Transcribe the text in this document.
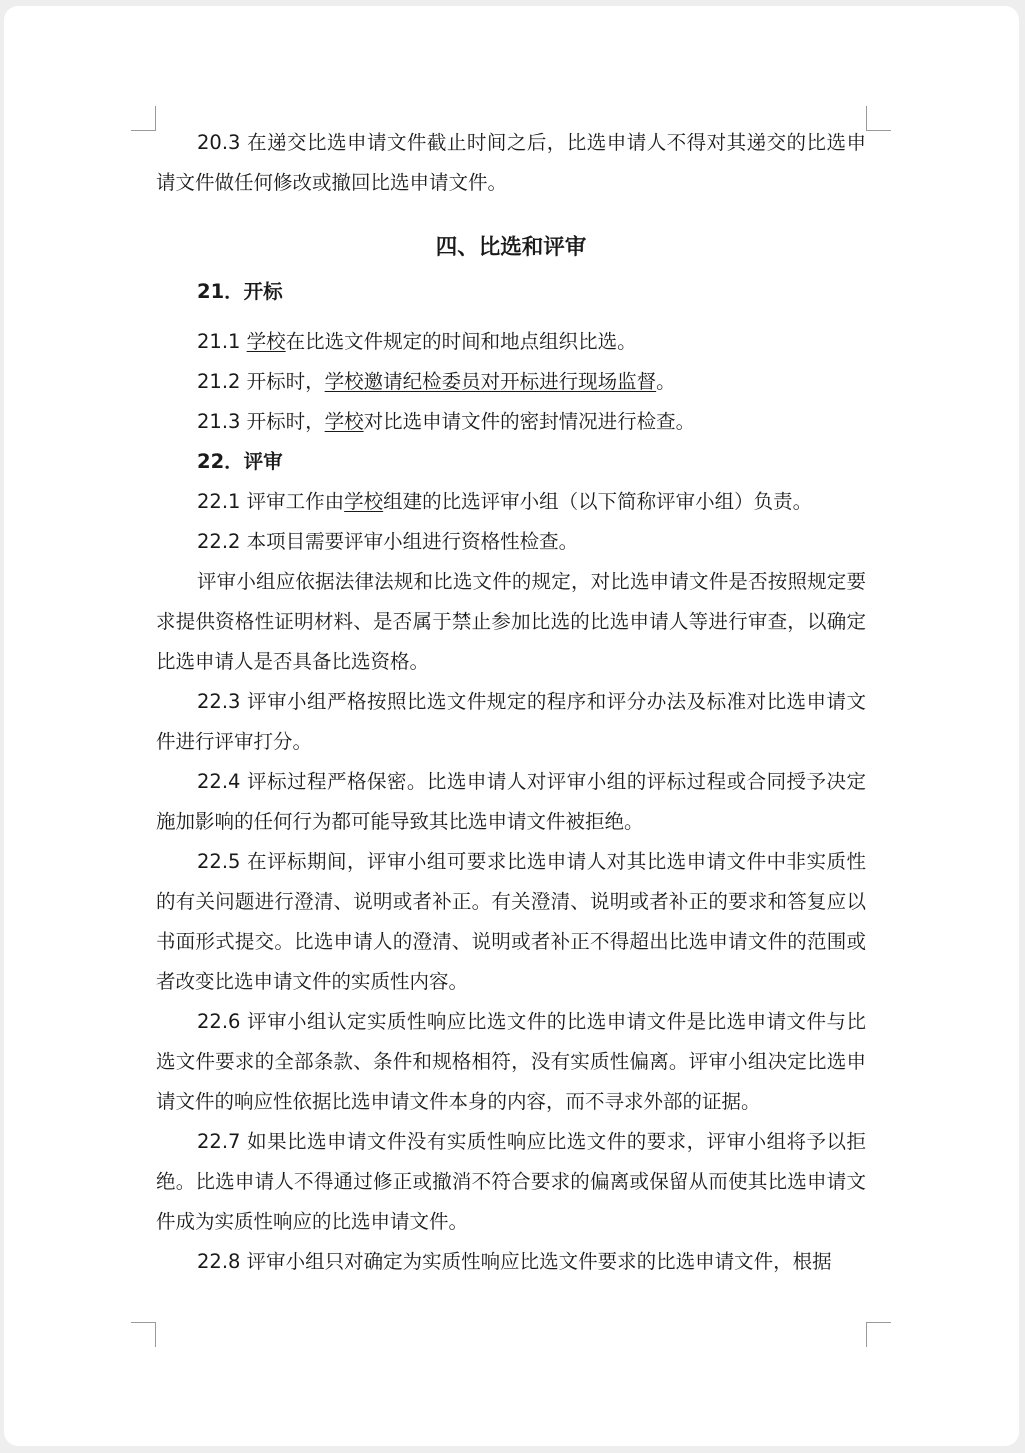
20.3 在递交比选申请文件截止时间之后，比选申请人不得对其递交的比选申请文件做任何修改或撤回比选申请文件。

四、比选和评审
21．开标

21.1 学校在比选文件规定的时间和地点组织比选。

21.2 开标时，学校邀请纪检委员对开标进行现场监督。

21.3 开标时，学校对比选申请文件的密封情况进行检查。

22．评审

22.1 评审工作由学校组建的比选评审小组（以下简称评审小组）负责。

22.2 本项目需要评审小组进行资格性检查。

评审小组应依据法律法规和比选文件的规定，对比选申请文件是否按照规定要求提供资格性证明材料、是否属于禁止参加比选的比选申请人等进行审查，以确定比选申请人是否具备比选资格。

22.3 评审小组严格按照比选文件规定的程序和评分办法及标准对比选申请文件进行评审打分。

22.4 评标过程严格保密。比选申请人对评审小组的评标过程或合同授予决定施加影响的任何行为都可能导致其比选申请文件被拒绝。

22.5 在评标期间，评审小组可要求比选申请人对其比选申请文件中非实质性的有关问题进行澄清、说明或者补正。有关澄清、说明或者补正的要求和答复应以书面形式提交。比选申请人的澄清、说明或者补正不得超出比选申请文件的范围或者改变比选申请文件的实质性内容。

22.6 评审小组认定实质性响应比选文件的比选申请文件是比选申请文件与比选文件要求的全部条款、条件和规格相符，没有实质性偏离。评审小组决定比选申请文件的响应性依据比选申请文件本身的内容，而不寻求外部的证据。

22.7 如果比选申请文件没有实质性响应比选文件的要求，评审小组将予以拒绝。比选申请人不得通过修正或撤消不符合要求的偏离或保留从而使其比选申请文件成为实质性响应的比选申请文件。

22.8 评审小组只对确定为实质性响应比选文件要求的比选申请文件，根据
